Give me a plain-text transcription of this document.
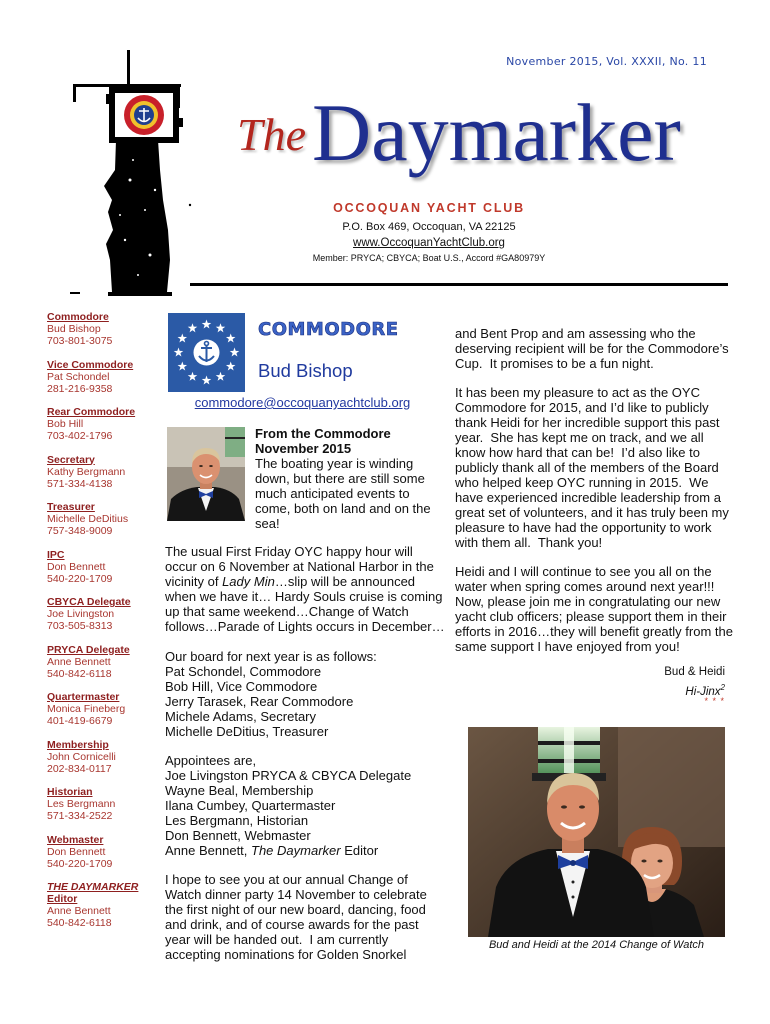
November 2015, Vol. XXXII, No. 11
The Daymarker
OCCOQUAN YACHT CLUB
P.O. Box 469, Occoquan, VA 22125
www.OccoquanYachtClub.org
Member: PRYCA; CBYCA; Boat U.S., Accord #GA80979Y
Commodore
Bud Bishop
703-801-3075
Vice Commodore
Pat Schondel
281-216-9358
Rear Commodore
Bob Hill
703-402-1796
Secretary
Kathy Bergmann
571-334-4138
Treasurer
Michelle DeDitius
757-348-9009
IPC
Don Bennett
540-220-1709
CBYCA Delegate
Joe Livingston
703-505-8313
PRYCA Delegate
Anne Bennett
540-842-6118
Quartermaster
Monica Fineberg
401-419-6679
Membership
John Cornicelli
202-834-0117
Historian
Les Bergmann
571-334-2522
Webmaster
Don Bennett
540-220-1709
THE DAYMARKER
Editor
Anne Bennett
540-842-6118
COMMODORE
Bud Bishop
commodore@occoquanyachtclub.org
From the Commodore
November 2015
The boating year is winding
down, but there are still some
much anticipated events to
come, both on land and on the
sea!
The usual First Friday OYC happy hour will
occur on 6 November at National Harbor in the
vicinity of Lady Min…slip will be announced
when we have it… Hardy Souls cruise is coming
up that same weekend…Change of Watch
follows…Parade of Lights occurs in December…
Our board for next year is as follows:
Pat Schondel, Commodore
Bob Hill, Vice Commodore
Jerry Tarasek, Rear Commodore
Michele Adams, Secretary
Michelle DeDitius, Treasurer
Appointees are,
Joe Livingston PRYCA & CBYCA Delegate
Wayne Beal, Membership
Ilana Cumbey, Quartermaster
Les Bergmann, Historian
Don Bennett, Webmaster
Anne Bennett, The Daymarker Editor
I hope to see you at our annual Change of
Watch dinner party 14 November to celebrate
the first night of our new board, dancing, food
and drink, and of course awards for the past
year will be handed out.  I am currently
accepting nominations for Golden Snorkel
and Bent Prop and am assessing who the
deserving recipient will be for the Commodore’s
Cup.  It promises to be a fun night.
It has been my pleasure to act as the OYC
Commodore for 2015, and I’d like to publicly
thank Heidi for her incredible support this past
year.  She has kept me on track, and we all
know how hard that can be!  I’d also like to
publicly thank all of the members of the Board
who helped keep OYC running in 2015.  We
have experienced incredible leadership from a
great set of volunteers, and it has truly been my
pleasure to have had the opportunity to work
with them all.  Thank you!
Heidi and I will continue to see you all on the
water when spring comes around next year!!!
Now, please join me in congratulating our new
yacht club officers; please support them in their
efforts in 2016…they will benefit greatly from the
same support I have enjoyed from you!
Bud & Heidi
Hi-Jinx$^2$
* * *
Bud and Heidi at the 2014 Change of Watch
